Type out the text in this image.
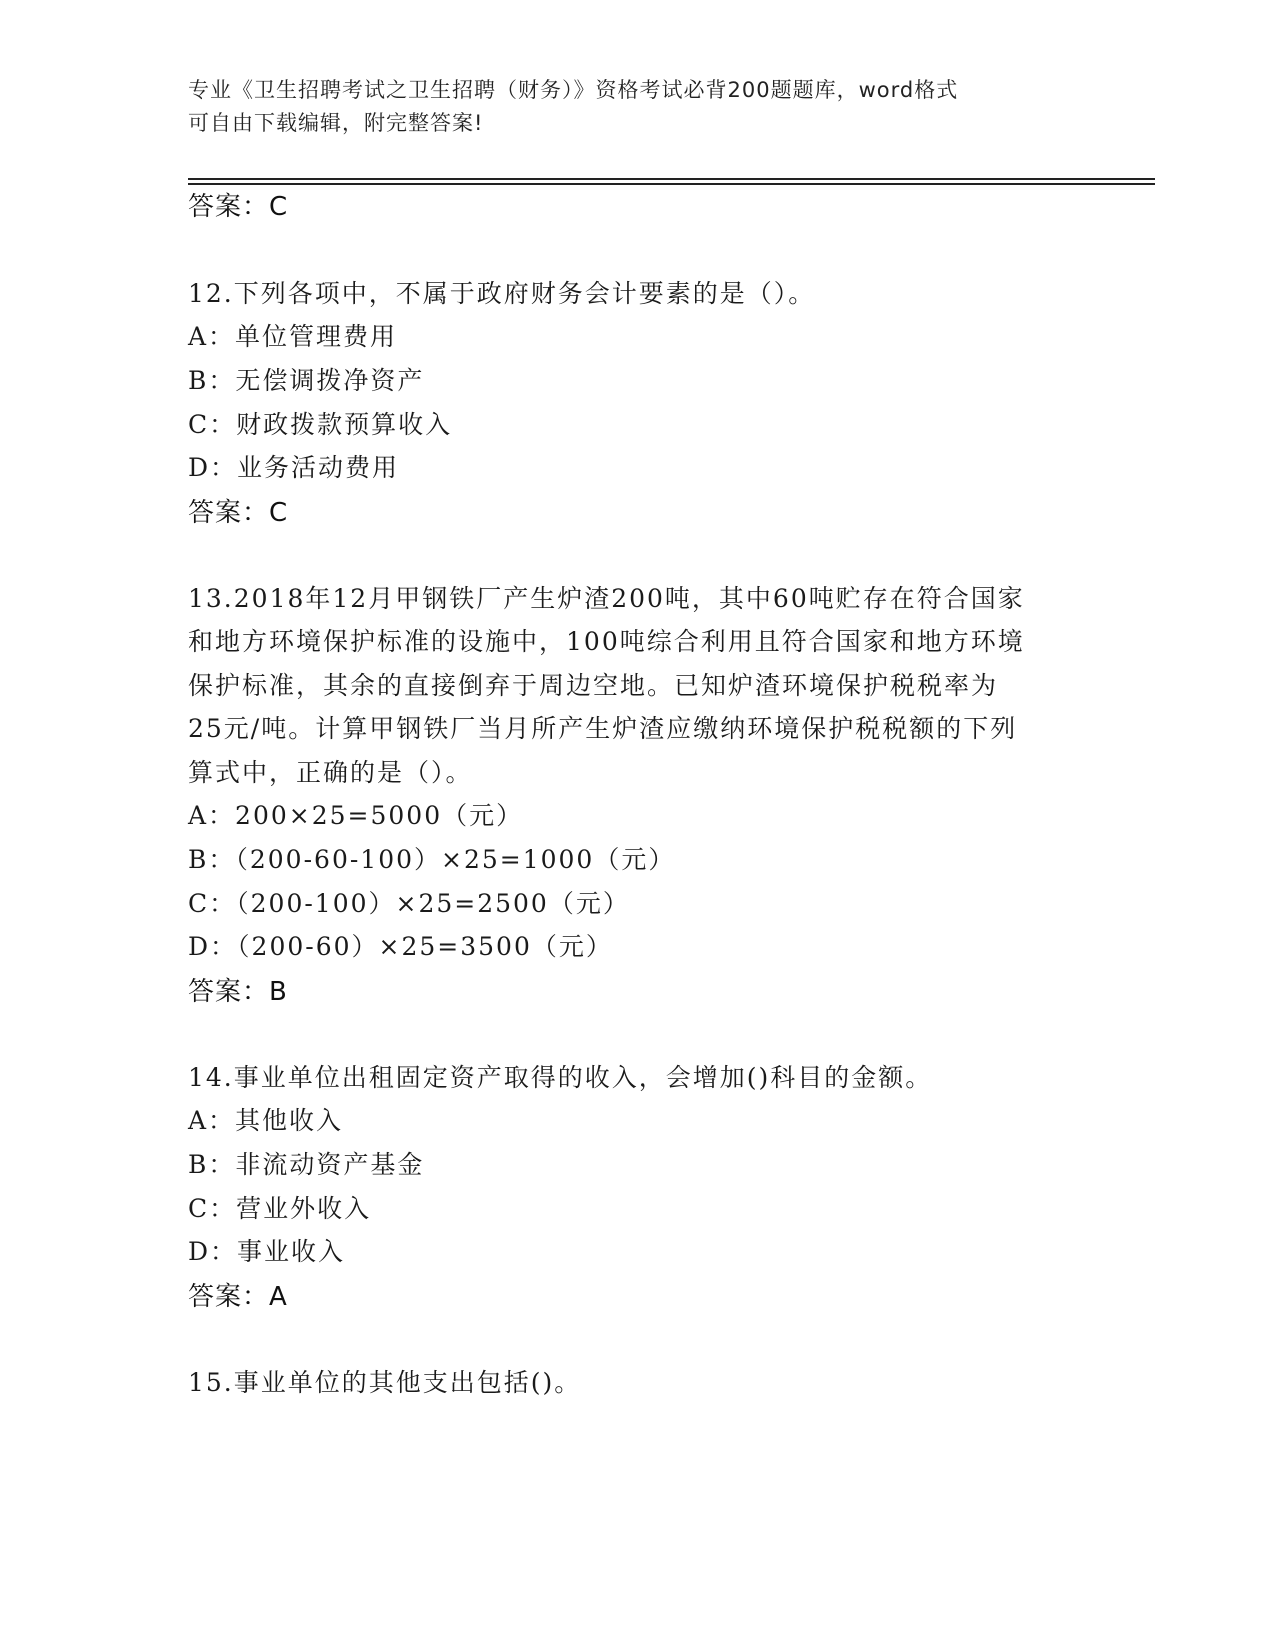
专业《卫生招聘考试之卫生招聘（财务）》资格考试必背200题题库，word格式
可自由下载编辑，附完整答案!
答案：C
12.下列各项中，不属于政府财务会计要素的是（）。
A：单位管理费用
B：无偿调拨净资产
C：财政拨款预算收入
D：业务活动费用
答案：C
13.2018年12月甲钢铁厂产生炉渣200吨，其中60吨贮存在符合国家
和地方环境保护标准的设施中，100吨综合利用且符合国家和地方环境
保护标准，其余的直接倒弃于周边空地。已知炉渣环境保护税税率为
25元/吨。计算甲钢铁厂当月所产生炉渣应缴纳环境保护税税额的下列
算式中，正确的是（）。
A：200×25=5000（元）
B：（200-60-100）×25=1000（元）
C：（200-100）×25=2500（元）
D：（200-60）×25=3500（元）
答案：B
14.事业单位出租固定资产取得的收入，会增加()科目的金额。
A：其他收入
B：非流动资产基金
C：营业外收入
D：事业收入
答案：A
15.事业单位的其他支出包括()。
